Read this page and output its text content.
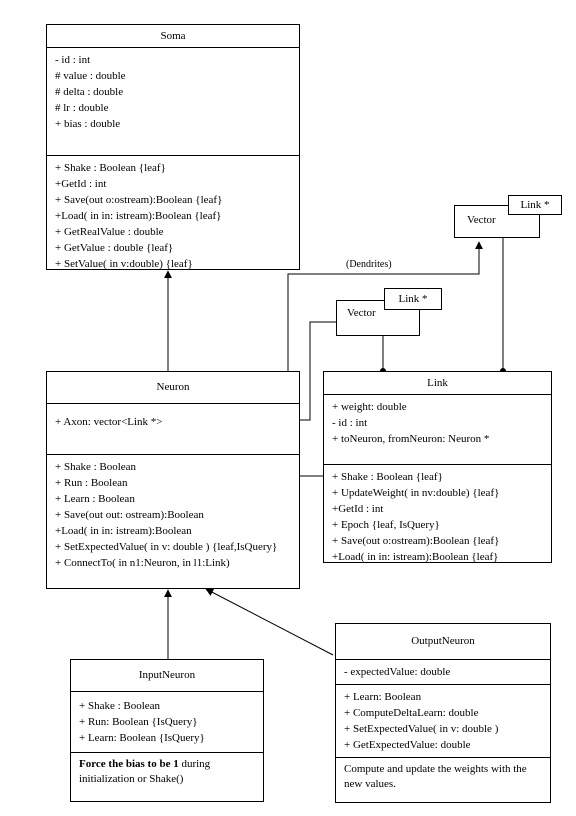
Soma
- id : int
# value : double
# delta : double
# lr : double
+ bias : double
+ Shake : Boolean {leaf}
+GetId : int
+ Save(out o:ostream):Boolean {leaf}
+Load( in in: istream):Boolean {leaf}
+ GetRealValue : double
+ GetValue : double {leaf}
+ SetValue( in v:double) {leaf}
Neuron
+ Axon: vector<Link *>
+ Shake : Boolean
+ Run : Boolean
+ Learn : Boolean
+ Save(out out: ostream):Boolean
+Load( in in: istream):Boolean
+ SetExpectedValue( in v: double ) {leaf,IsQuery}
+ ConnectTo( in n1:Neuron, in l1:Link)
Link
+ weight: double
- id : int
+ toNeuron, fromNeuron: Neuron *
+ Shake : Boolean {leaf}
+ UpdateWeight( in nv:double) {leaf}
+GetId : int
+ Epoch {leaf, IsQuery}
+ Save(out o:ostream):Boolean {leaf}
+Load( in in: istream):Boolean {leaf}
InputNeuron
+ Shake : Boolean
+ Run: Boolean {IsQuery}
+ Learn: Boolean {IsQuery}
Force the bias to be 1 during initialization or Shake()
OutputNeuron
- expectedValue: double
+ Learn: Boolean
+ ComputeDeltaLearn: double
+ SetExpectedValue( in v: double )
+ GetExpectedValue: double
Compute and update the weights with the new values.
Vector
Link *
Vector
Link *
(Dendrites)
